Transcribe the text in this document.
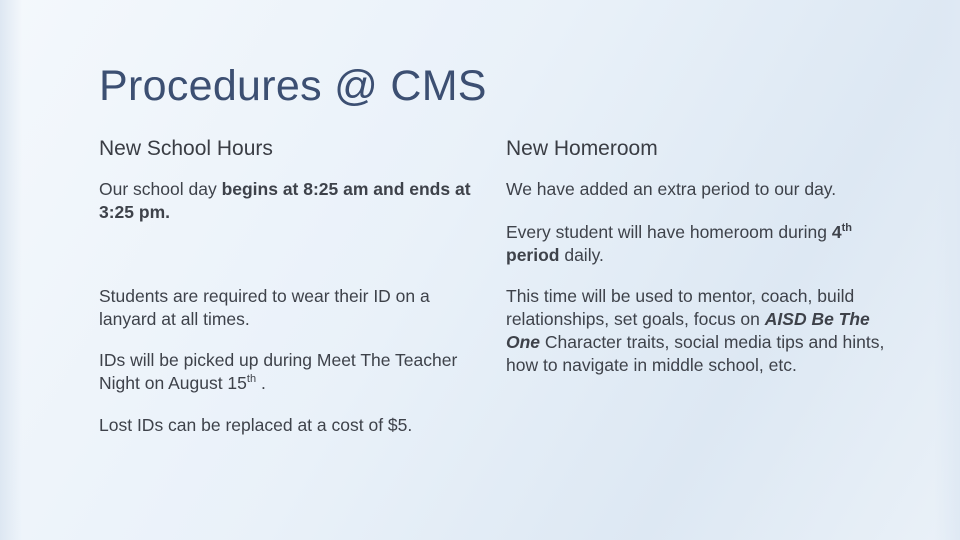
Procedures @ CMS
New School Hours
Our school day begins at 8:25 am and ends at 3:25 pm.
Students are required to wear their ID on a lanyard at all times.
IDs will be picked up during Meet The Teacher Night on August 15th .
Lost IDs can be replaced at a cost of $5.
New Homeroom
We have added an extra period to our day.
Every student will have homeroom during 4th period daily.
This time will be used to mentor, coach, build relationships, set goals, focus on AISD Be The One Character traits, social media tips and hints, how to navigate in middle school, etc.
